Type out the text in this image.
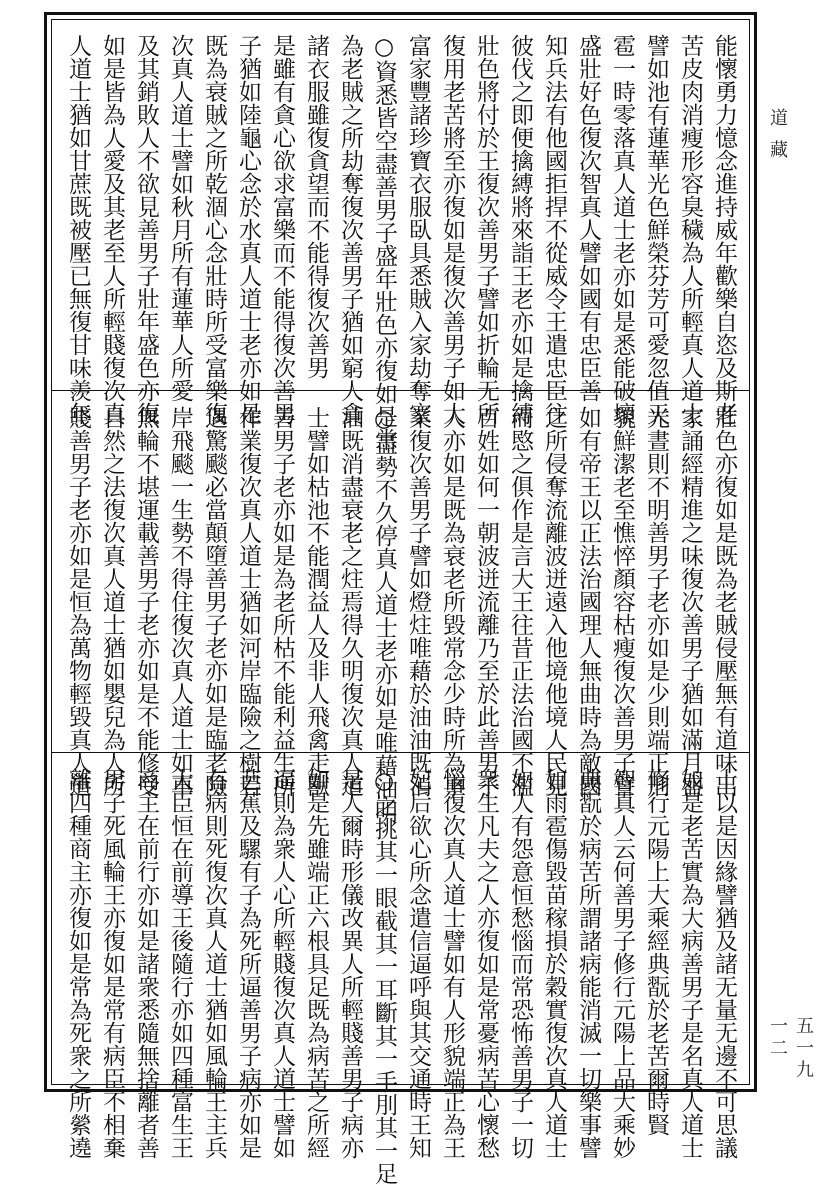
能懷勇力憶念進持威年歡樂自恣及斯老
苦皮肉消瘦形容臭穢為人所輕真人道士
譬如池有蓮華光色鮮榮芬芳可愛忽值天
雹一時零落真人道士老亦如是悉能破壞
盛壯好色復次智真人譬如國有忠臣善
知兵法有他國拒捍不從威令王遣忠臣往
彼伐之即便擒縛將來詣王老亦如是擒縛
壯色將付於王復次善男子譬如折輪无所
復用老苦將至亦復如是復次善男子如大
富家豐諸珍寶衣服臥具悉賊入家劫奪家
○資悉皆空盡善男子盛年壯色亦復如是常
為老賊之所劫奪復次善男子猶如窮人貪
諸衣服雖復貪望而不能得復次善男
是雖有貪心欲求富樂而不能得復次善男
子猶如陸龜心念於水真人道士老亦如是
既為衰賊之所乾涸心念壯時所受富樂復
次真人道士譬如秋月所有蓮華人所愛
及其銷敗人不欲見善男子壯年盛色亦復
如是皆為人愛及其老至人所輕賤復次真
人道士猶如甘蔗既被壓已無復甘味羨年
壯色亦復如是既為老賊侵壓無有道味出
家誦經精進之味復次善男子猶如滿月盛
光晝則不明善男子老亦如是少則端正刑
貌鮮潔老至憔悴顏容枯瘦復次善男子譬
如有帝王以正法治國理人無曲時為敵國
之所侵奪流離波迸遠入他境他境人民見
而愍之俱作是言大王往昔正法治國不濫
百姓如何一朝波迸流離乃至於此善男子
人亦如是既為衰老所毀常念少時所為事
業復次善男子譬如燈炷唯藉於油油既消
○盡勢不久停真人道士老亦如是唯藉油明
油既消盡衰老之炷焉得久明復次真人道
士譬如枯池不能潤益人及非人飛禽走獸
善男子老亦如是為老所枯不能利益生所
作業復次真人道士猶如河岸臨險之樹若
遇驚颷必當顛墮善男子老亦如是臨老險
岸飛颷一生勢不得住復次真人道士如車
無輪不堪運載善男子老亦如是不能修受
自然之法復次真人道士猶如嬰兒為人所
賤善男子老亦如是恒為萬物輕毀真人道
士以是因緣譬猶及諸无量无邊不可思議
如是老苦實為大病善男子是名真人道士
修行元陽上大乘經典翫於老苦爾時賢
智真人云何善男子修行元陽上品大乘妙
典翫於病苦所謂諸病能消滅一切樂事譬
如雨雹傷毀苗稼損於穀實復次真人道士
如人有怨意恒愁惱而常恐怖善男子一切
衆生凡夫之人亦復如是常憂病苦心懷愁
惱復次真人道士譬如有人形貌端正為王
妃后欲心所念遣信逼呼與其交通時王知
○之挑其一眼截其一耳斷其一手刖其一足
是人爾時形儀改異人所輕賤善男子病亦
如是先雖端正六根具足既為病苦之所經
逼則為衆人心所輕賤復次真人道士譬如
芭蕉及騾有子為死所逼善男子病亦如是
有病則死復次真人道士猶如風輪王主兵
大臣恒在前導王後隨行亦如四種富生王
商主在前行亦如是諸衆悉隨無捨離者善
男子死風輪王亦復如是常有病臣不相棄
離四種商主亦復如是常為死衆之所縈遶
道藏
五一九一二
